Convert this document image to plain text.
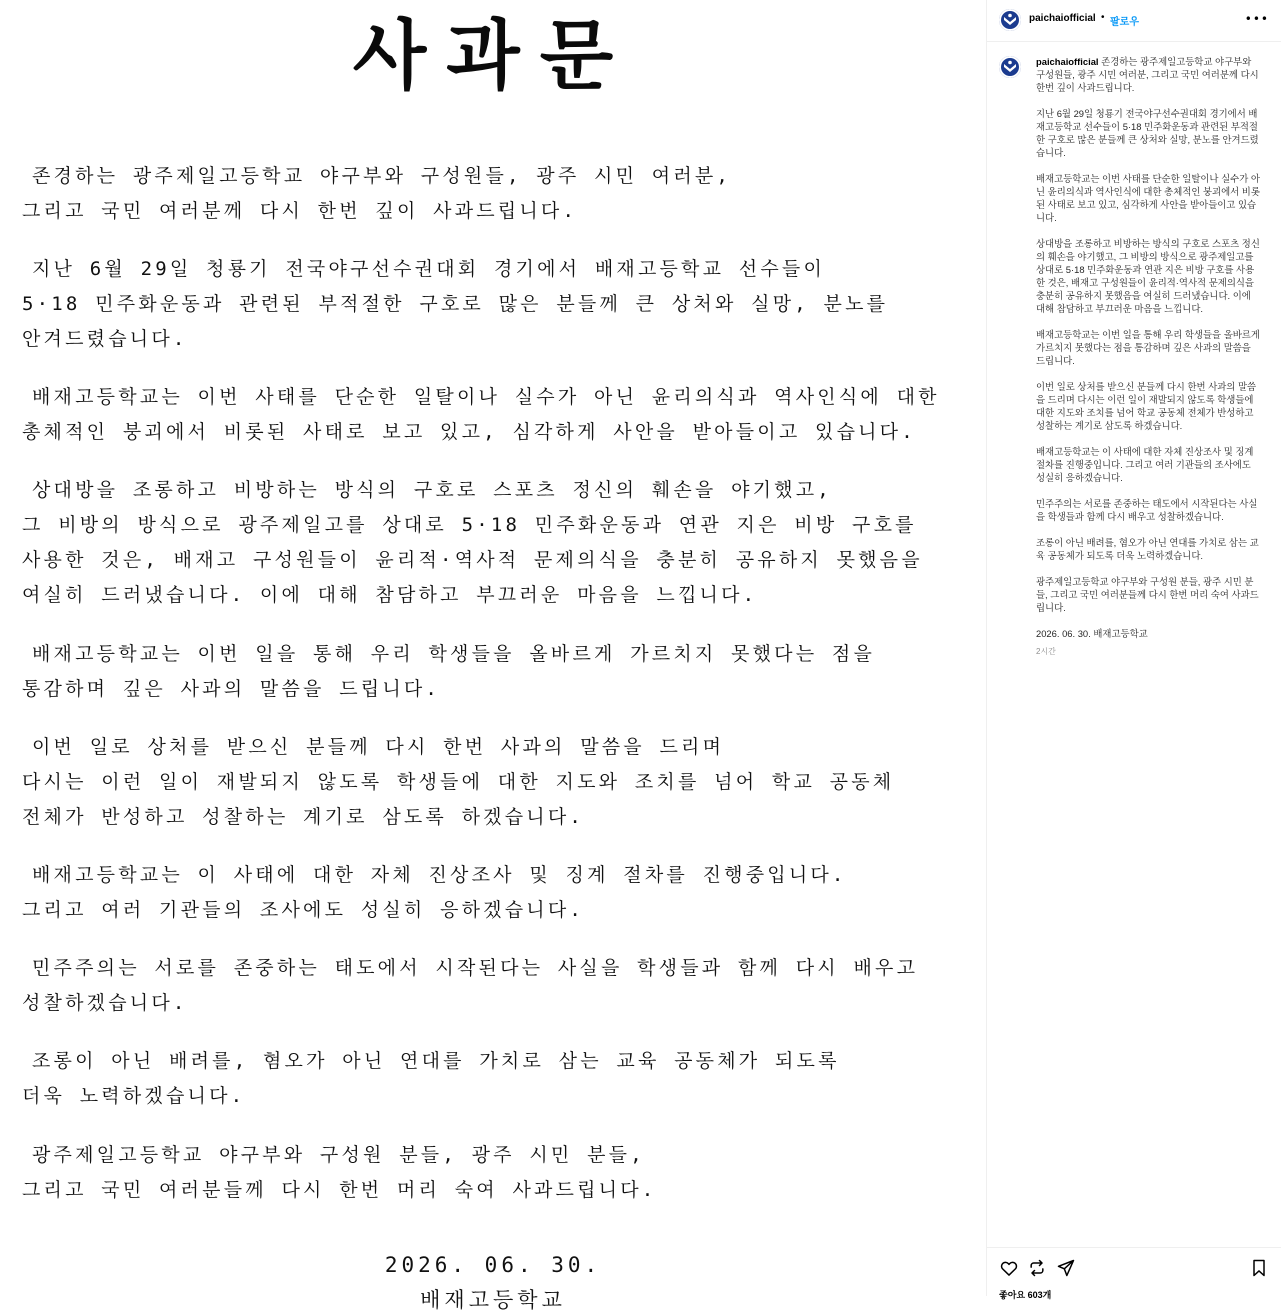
사과문
존경하는 광주제일고등학교 야구부와 구성원들, 광주 시민 여러분,
그리고 국민 여러분께 다시 한번 깊이 사과드립니다.
지난 6월 29일 청룡기 전국야구선수권대회 경기에서 배재고등학교 선수들이
5·18 민주화운동과 관련된 부적절한 구호로 많은 분들께 큰 상처와 실망, 분노를
안겨드렸습니다.
배재고등학교는 이번 사태를 단순한 일탈이나 실수가 아닌 윤리의식과 역사인식에 대한
총체적인 붕괴에서 비롯된 사태로 보고 있고, 심각하게 사안을 받아들이고 있습니다.
상대방을 조롱하고 비방하는 방식의 구호로 스포츠 정신의 훼손을 야기했고,
그 비방의 방식으로 광주제일고를 상대로 5·18 민주화운동과 연관 지은 비방 구호를
사용한 것은, 배재고 구성원들이 윤리적·역사적 문제의식을 충분히 공유하지 못했음을
여실히 드러냈습니다. 이에 대해 참담하고 부끄러운 마음을 느낍니다.
배재고등학교는 이번 일을 통해 우리 학생들을 올바르게 가르치지 못했다는 점을
통감하며 깊은 사과의 말씀을 드립니다.
이번 일로 상처를 받으신 분들께 다시 한번 사과의 말씀을 드리며
다시는 이런 일이 재발되지 않도록 학생들에 대한 지도와 조치를 넘어 학교 공동체
전체가 반성하고 성찰하는 계기로 삼도록 하겠습니다.
배재고등학교는 이 사태에 대한 자체 진상조사 및 징계 절차를 진행중입니다.
그리고 여러 기관들의 조사에도 성실히 응하겠습니다.
민주주의는 서로를 존중하는 태도에서 시작된다는 사실을 학생들과 함께 다시 배우고
성찰하겠습니다.
조롱이 아닌 배려를, 혐오가 아닌 연대를 가치로 삼는 교육 공동체가 되도록
더욱 노력하겠습니다.
광주제일고등학교 야구부와 구성원 분들, 광주 시민 분들,
그리고 국민 여러분들께 다시 한번 머리 숙여 사과드립니다.
2026. 06. 30.
배재고등학교
paichaiofficial • 팔로우	•••

paichaiofficial 존경하는 광주제일고등학교 야구부와 구성원들, 광주 시민 여러분, 그리고 국민 여러분께 다시 한번 깊이 사과드립니다.

지난 6월 29일 청룡기 전국야구선수권대회 경기에서 배재고등학교 선수들이 5·18 민주화운동과 관련된 부적절한 구호로 많은 분들께 큰 상처와 실망, 분노를 안겨드렸습니다.

배재고등학교는 이번 사태를 단순한 일탈이나 실수가 아닌 윤리의식과 역사인식에 대한 총체적인 붕괴에서 비롯된 사태로 보고 있고, 심각하게 사안을 받아들이고 있습니다.

상대방을 조롱하고 비방하는 방식의 구호로 스포츠 정신의 훼손을 야기했고, 그 비방의 방식으로 광주제일고를 상대로 5·18 민주화운동과 연관 지은 비방 구호를 사용한 것은, 배재고 구성원들이 윤리적·역사적 문제의식을 충분히 공유하지 못했음을 여실히 드러냈습니다. 이에 대해 참담하고 부끄러운 마음을 느낍니다.

배재고등학교는 이번 일을 통해 우리 학생들을 올바르게 가르치지 못했다는 점을 통감하며 깊은 사과의 말씀을 드립니다.

이번 일로 상처를 받으신 분들께 다시 한번 사과의 말씀을 드리며 다시는 이런 일이 재발되지 않도록 학생들에 대한 지도와 조치를 넘어 학교 공동체 전체가 반성하고 성찰하는 계기로 삼도록 하겠습니다.

배재고등학교는 이 사태에 대한 자체 진상조사 및 징계 절차를 진행중입니다. 그리고 여러 기관들의 조사에도 성실히 응하겠습니다.

민주주의는 서로를 존중하는 태도에서 시작된다는 사실을 학생들과 함께 다시 배우고 성찰하겠습니다.

조롱이 아닌 배려를, 혐오가 아닌 연대를 가치로 삼는 교육 공동체가 되도록 더욱 노력하겠습니다.

광주제일고등학교 야구부와 구성원 분들, 광주 시민 분들, 그리고 국민 여러분들께 다시 한번 머리 숙여 사과드립니다.

2026. 06. 30. 배재고등학교

2시간
좋아요 603개
